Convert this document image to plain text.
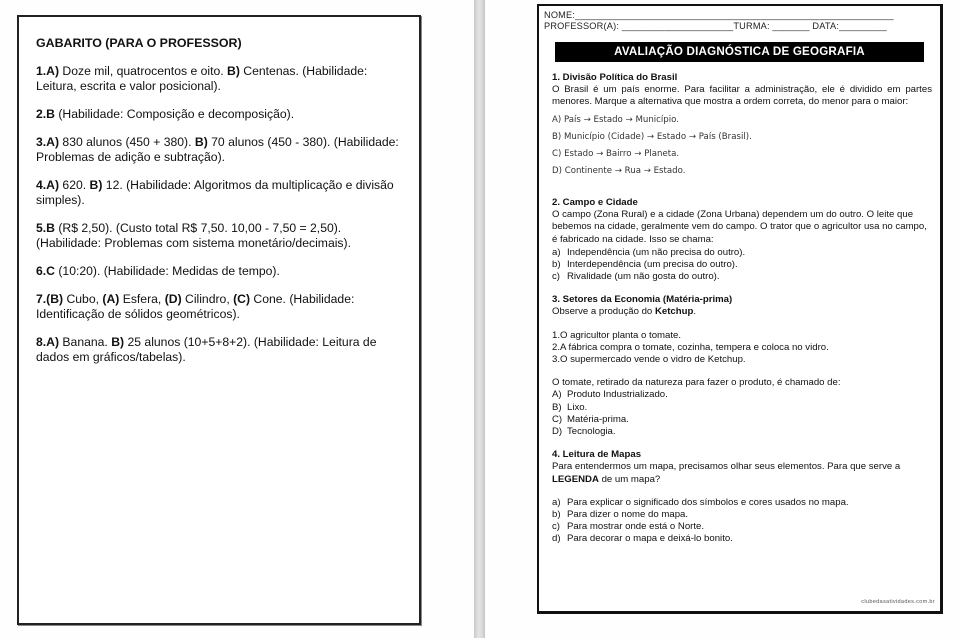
GABARITO (PARA O PROFESSOR)
1.A) Doze mil, quatrocentos e oito. B) Centenas. (Habilidade: Leitura, escrita e valor posicional).
2.B (Habilidade: Composição e decomposição).
3.A) 830 alunos (450 + 380). B) 70 alunos (450 - 380). (Habilidade: Problemas de adição e subtração).
4.A) 620. B) 12. (Habilidade: Algoritmos da multiplicação e divisão simples).
5.B (R$ 2,50). (Custo total R$ 7,50. 10,00 - 7,50 = 2,50). (Habilidade: Problemas com sistema monetário/decimais).
6.C (10:20). (Habilidade: Medidas de tempo).
7.(B) Cubo, (A) Esfera, (D) Cilindro, (C) Cone. (Habilidade: Identificação de sólidos geométricos).
8.A) Banana. B) 25 alunos (10+5+8+2). (Habilidade: Leitura de dados em gráficos/tabelas).
NOME:____________________________________________________________
PROFESSOR(A): _____________________TURMA: _______ DATA:_________
AVALIAÇÃO DIAGNÓSTICA DE GEOGRAFIA
1. Divisão Política do Brasil
O Brasil é um país enorme. Para facilitar a administração, ele é dividido em partes menores. Marque a alternativa que mostra a ordem correta, do menor para o maior:
A) País → Estado → Município.
B) Município (Cidade) → Estado → País (Brasil).
C) Estado → Bairro → Planeta.
D) Continente → Rua → Estado.
2. Campo e Cidade
O campo (Zona Rural) e a cidade (Zona Urbana) dependem um do outro. O leite que bebemos na cidade, geralmente vem do campo. O trator que o agricultor usa no campo, é fabricado na cidade. Isso se chama:
a) Independência (um não precisa do outro).
b) Interdependência (um precisa do outro).
c) Rivalidade (um não gosta do outro).
3. Setores da Economia (Matéria-prima)
Observe a produção do Ketchup.
1.O agricultor planta o tomate.
2.A fábrica compra o tomate, cozinha, tempera e coloca no vidro.
3.O supermercado vende o vidro de Ketchup.
O tomate, retirado da natureza para fazer o produto, é chamado de:
A) Produto Industrializado.
B) Lixo.
C) Matéria-prima.
D) Tecnologia.
4. Leitura de Mapas
Para entendermos um mapa, precisamos olhar seus elementos. Para que serve a LEGENDA de um mapa?
a) Para explicar o significado dos símbolos e cores usados no mapa.
b) Para dizer o nome do mapa.
c) Para mostrar onde está o Norte.
d) Para decorar o mapa e deixá-lo bonito.
clubedasatividades.com.br
